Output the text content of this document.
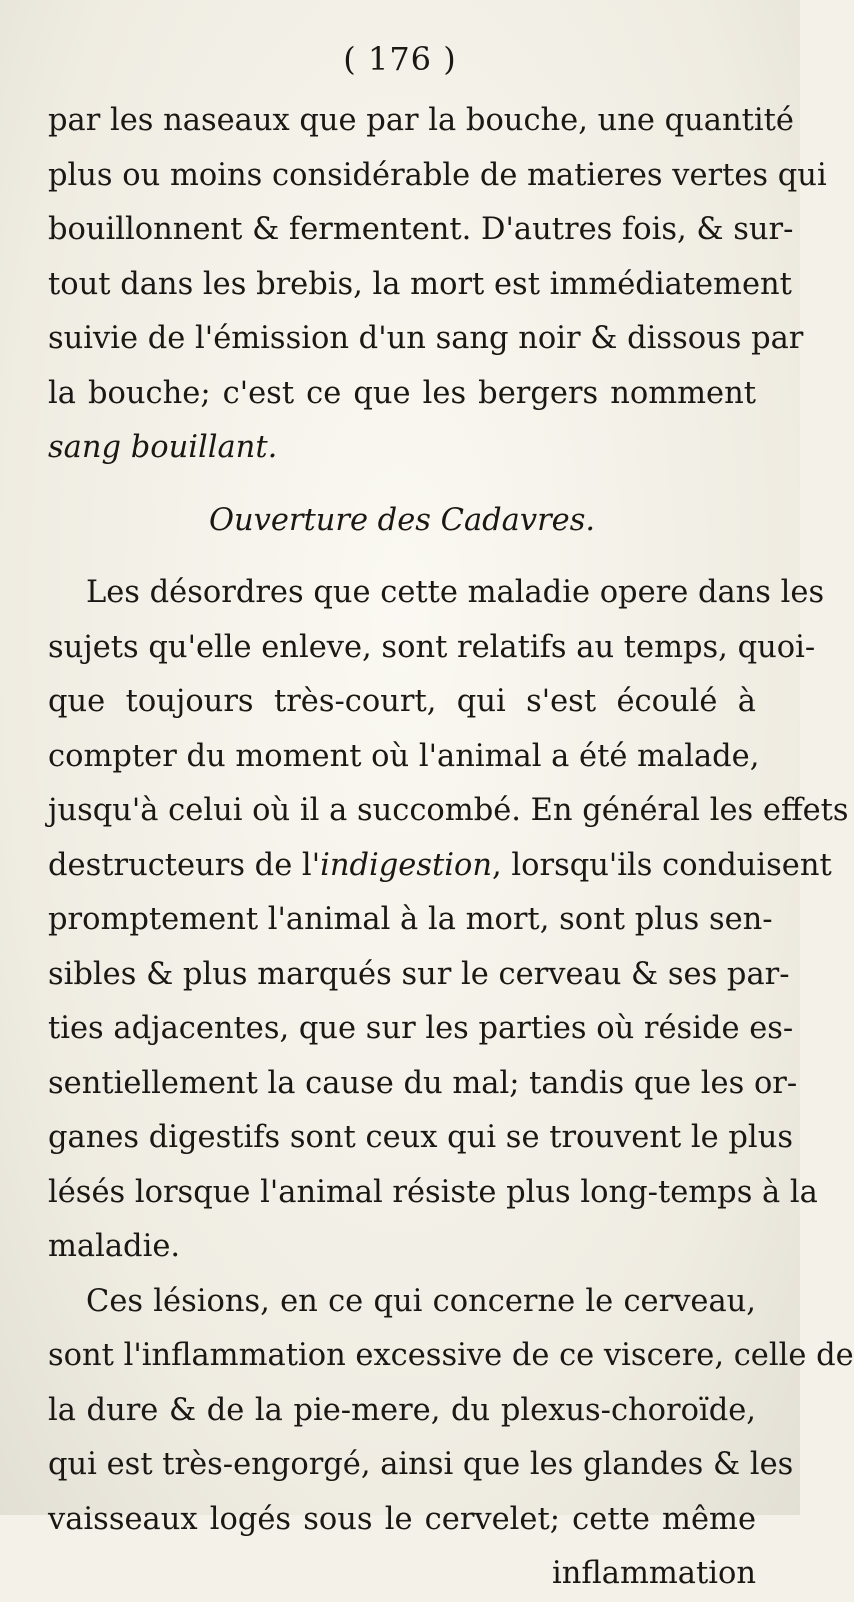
( 176 )
par les naseaux que par la bouche, une quantité
plus ou moins considérable de matieres vertes qui
bouillonnent & fermentent. D'autres fois, & sur-
tout dans les brebis, la mort est immédiatement
suivie de l'émission d'un sang noir & dissous par
la bouche; c'est ce que les bergers nomment
sang bouillant.
Ouverture des Cadavres.
Les désordres que cette maladie opere dans les
sujets qu'elle enleve, sont relatifs au temps, quoi-
que toujours très-court, qui s'est écoulé à
compter du moment où l'animal a été malade,
jusqu'à celui où il a succombé. En général les effets
destructeurs de l'indigestion, lorsqu'ils conduisent
promptement l'animal à la mort, sont plus sen-
sibles & plus marqués sur le cerveau & ses par-
ties adjacentes, que sur les parties où réside es-
sentiellement la cause du mal; tandis que les or-
ganes digestifs sont ceux qui se trouvent le plus
lésés lorsque l'animal résiste plus long-temps à la
maladie.
Ces lésions, en ce qui concerne le cerveau,
sont l'inflammation excessive de ce viscere, celle de
la dure & de la pie-mere, du plexus-choroïde,
qui est très-engorgé, ainsi que les glandes & les
vaisseaux logés sous le cervelet; cette même
inflammation
